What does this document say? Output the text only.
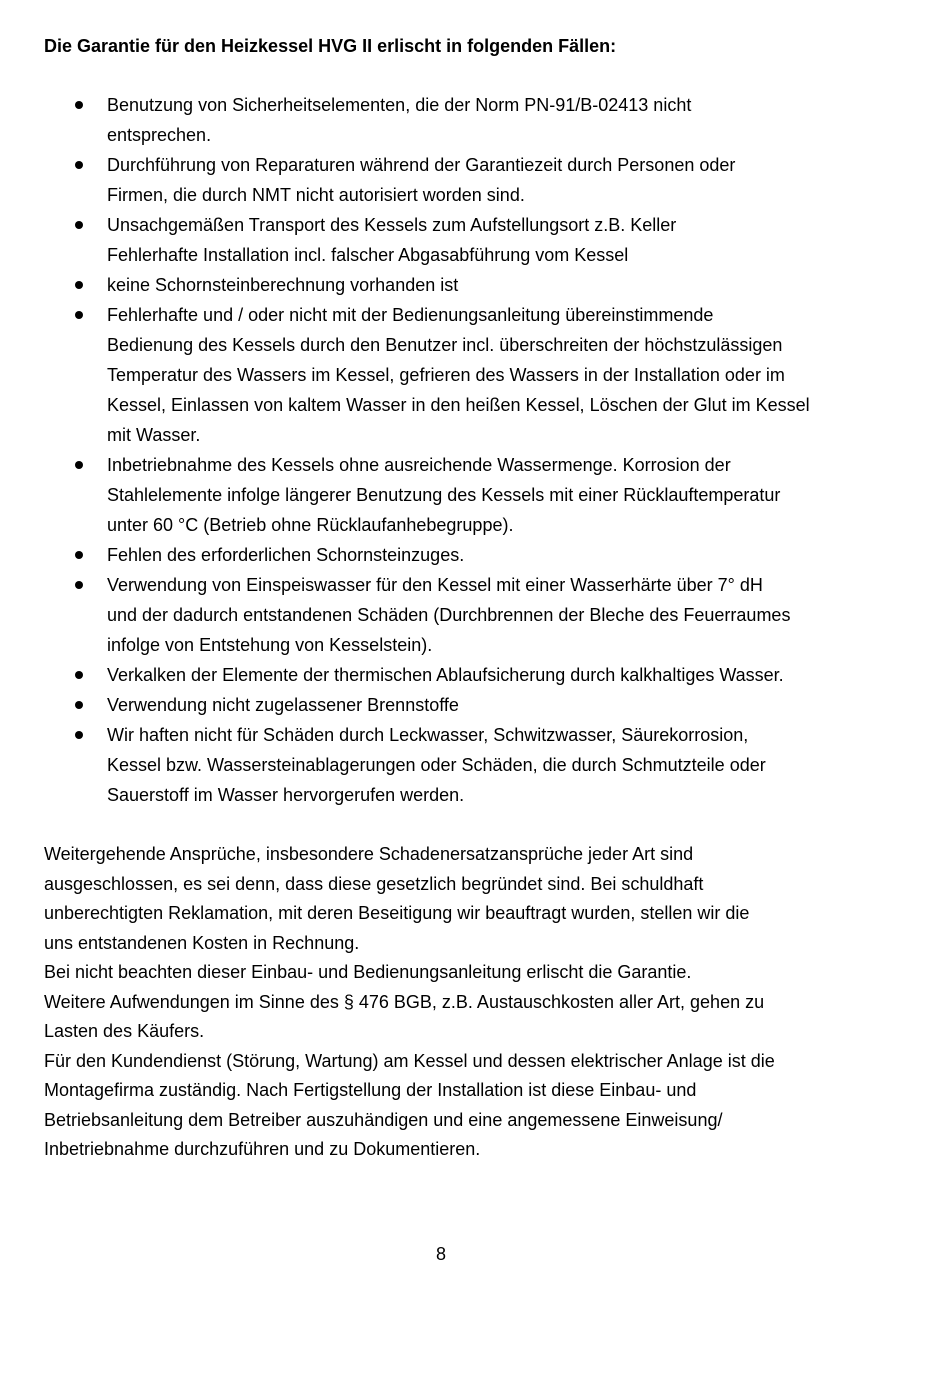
Die Garantie für den Heizkessel HVG II erlischt in folgenden Fällen:
Benutzung von Sicherheitselementen, die der Norm PN-91/B-02413 nicht
entsprechen.
Durchführung von Reparaturen während der Garantiezeit durch Personen oder
Firmen, die durch NMT nicht autorisiert worden sind.
Unsachgemäßen Transport des Kessels zum Aufstellungsort z.B. Keller
Fehlerhafte Installation incl. falscher Abgasabführung vom Kessel
keine Schornsteinberechnung vorhanden ist
Fehlerhafte und / oder nicht mit der Bedienungsanleitung übereinstimmende
Bedienung des Kessels durch den Benutzer incl. überschreiten der höchstzulässigen
Temperatur des Wassers im Kessel, gefrieren des Wassers in der Installation oder im
Kessel, Einlassen von kaltem Wasser in den heißen Kessel, Löschen der Glut im Kessel
mit Wasser.
Inbetriebnahme des Kessels ohne ausreichende Wassermenge. Korrosion der
Stahlelemente infolge längerer Benutzung des Kessels mit einer Rücklauftemperatur
unter 60 °C (Betrieb ohne Rücklaufanhebegruppe).
Fehlen des erforderlichen Schornsteinzuges.
Verwendung von Einspeiswasser für den Kessel mit einer Wasserhärte über 7° dH
und der dadurch entstandenen Schäden (Durchbrennen der Bleche des Feuerraumes
infolge von Entstehung von Kesselstein).
Verkalken der Elemente der thermischen Ablaufsicherung durch kalkhaltiges Wasser.
Verwendung nicht zugelassener Brennstoffe
Wir haften nicht für Schäden durch Leckwasser, Schwitzwasser, Säurekorrosion,
Kessel bzw. Wassersteinablagerungen oder Schäden, die durch Schmutzteile oder
Sauerstoff im Wasser hervorgerufen werden.
Weitergehende Ansprüche, insbesondere Schadenersatzansprüche jeder Art sind
ausgeschlossen, es sei denn, dass diese gesetzlich begründet sind. Bei schuldhaft
unberechtigten Reklamation, mit deren Beseitigung wir beauftragt wurden, stellen wir die
uns entstandenen Kosten in Rechnung.
Bei nicht beachten dieser Einbau- und Bedienungsanleitung erlischt die Garantie.
Weitere Aufwendungen im Sinne des § 476 BGB, z.B. Austauschkosten aller Art, gehen zu
Lasten des Käufers.
Für den Kundendienst (Störung, Wartung) am Kessel und dessen elektrischer Anlage ist die
Montagefirma zuständig. Nach Fertigstellung der Installation ist diese Einbau- und
Betriebsanleitung dem Betreiber auszuhändigen und eine angemessene Einweisung/
Inbetriebnahme durchzuführen und zu Dokumentieren.
8
